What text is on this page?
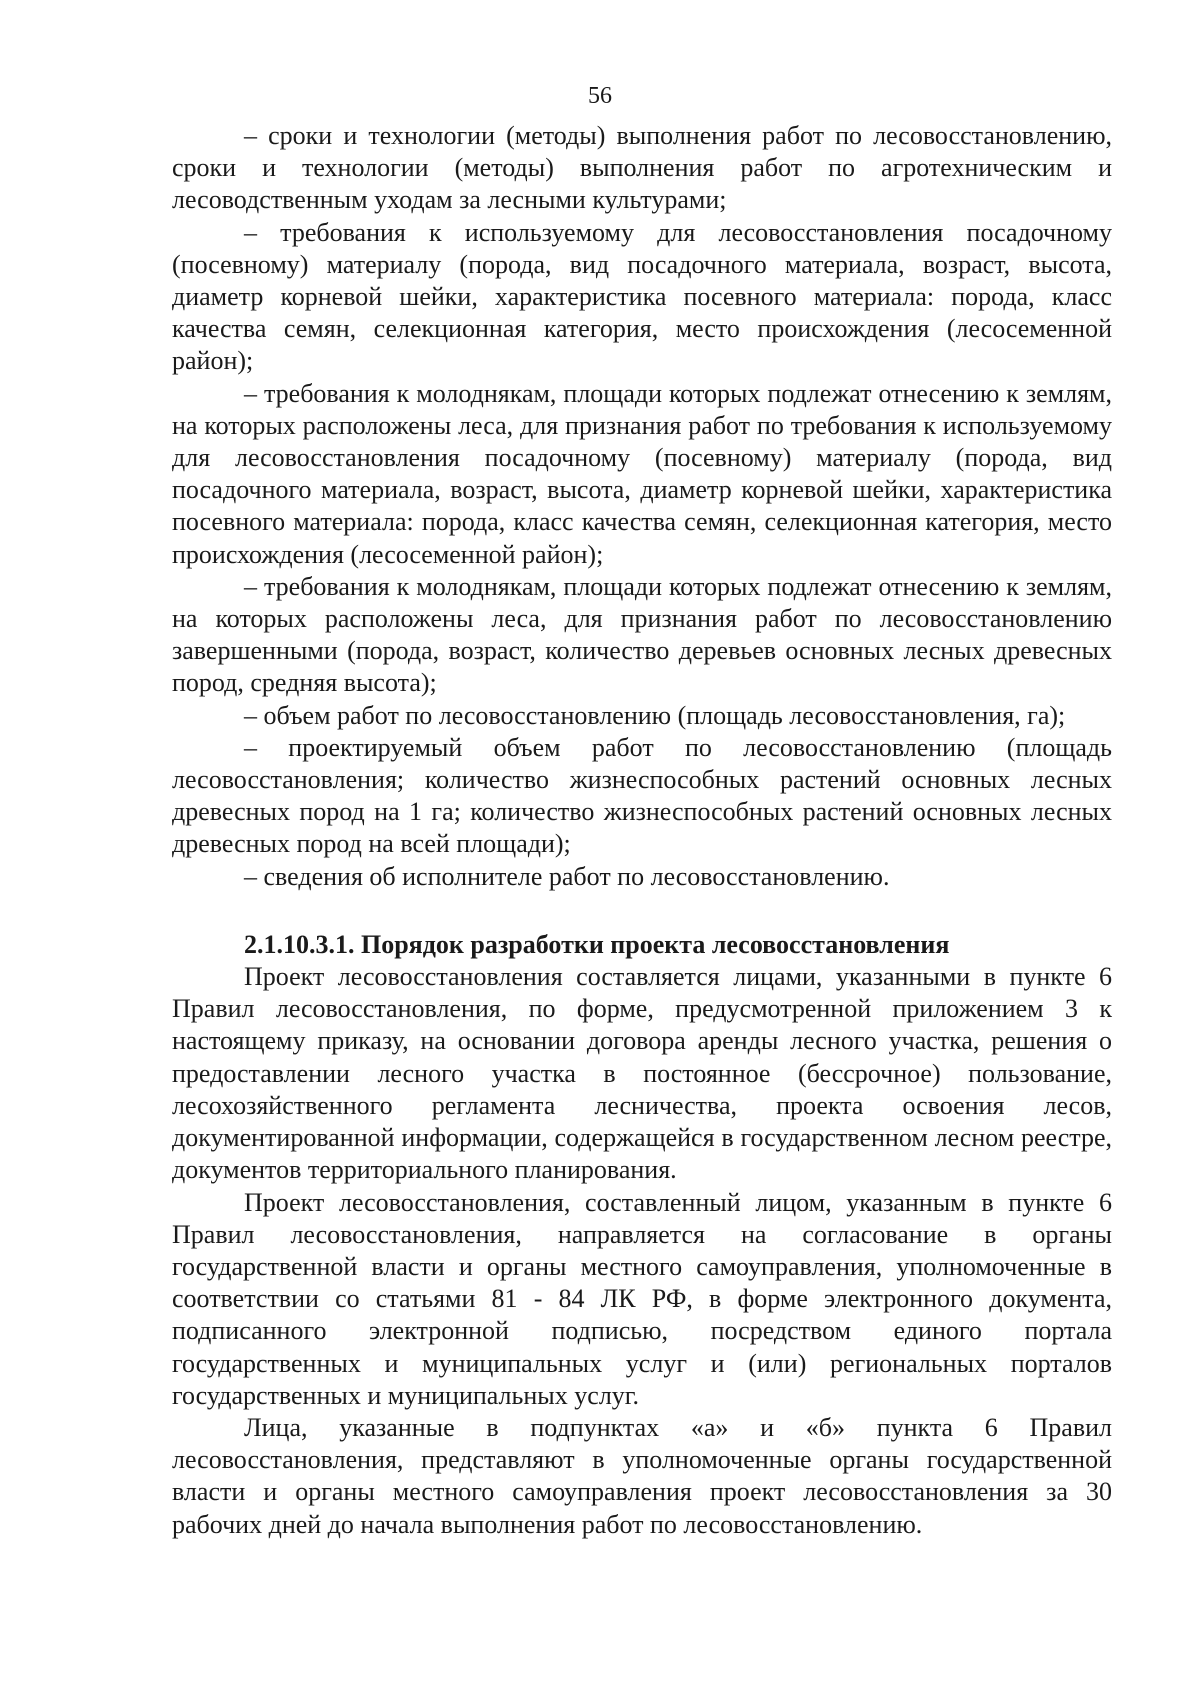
56

– сроки и технологии (методы) выполнения работ по лесовосстановлению, сроки и технологии (методы) выполнения работ по агротехническим и лесоводственным уходам за лесными культурами;

– требования к используемому для лесовосстановления посадочному (посевному) материалу (порода, вид посадочного материала, возраст, высота, диаметр корневой шейки, характеристика посевного материала: порода, класс качества семян, селекционная категория, место происхождения (лесосеменной район);

– требования к молоднякам, площади которых подлежат отнесению к землям, на которых расположены леса, для признания работ по требования к используемому для лесовосстановления посадочному (посевному) материалу (порода, вид посадочного материала, возраст, высота, диаметр корневой шейки, характеристика посевного материала: порода, класс качества семян, селекционная категория, место происхождения (лесосеменной район);

– требования к молоднякам, площади которых подлежат отнесению к землям, на которых расположены леса, для признания работ по лесовосстановлению завершенными (порода, возраст, количество деревьев основных лесных древесных пород, средняя высота);

– объем работ по лесовосстановлению (площадь лесовосстановления, га);

– проектируемый объем работ по лесовосстановлению (площадь лесовосстановления; количество жизнеспособных растений основных лесных древесных пород на 1 га; количество жизнеспособных растений основных лесных древесных пород на всей площади);

– сведения об исполнителе работ по лесовосстановлению.

2.1.10.3.1. Порядок разработки проекта лесовосстановления

Проект лесовосстановления составляется лицами, указанными в пункте 6 Правил лесовосстановления, по форме, предусмотренной приложением 3 к настоящему приказу, на основании договора аренды лесного участка, решения о предоставлении лесного участка в постоянное (бессрочное) пользование, лесохозяйственного регламента лесничества, проекта освоения лесов, документированной информации, содержащейся в государственном лесном реестре, документов территориального планирования.

Проект лесовосстановления, составленный лицом, указанным в пункте 6 Правил лесовосстановления, направляется на согласование в органы государственной власти и органы местного самоуправления, уполномоченные в соответствии со статьями 81 - 84 ЛК РФ, в форме электронного документа, подписанного электронной подписью, посредством единого портала государственных и муниципальных услуг и (или) региональных порталов государственных и муниципальных услуг.

Лица, указанные в подпунктах «а» и «б» пункта 6 Правил лесовосстановления, представляют в уполномоченные органы государственной власти и органы местного самоуправления проект лесовосстановления за 30 рабочих дней до начала выполнения работ по лесовосстановлению.
